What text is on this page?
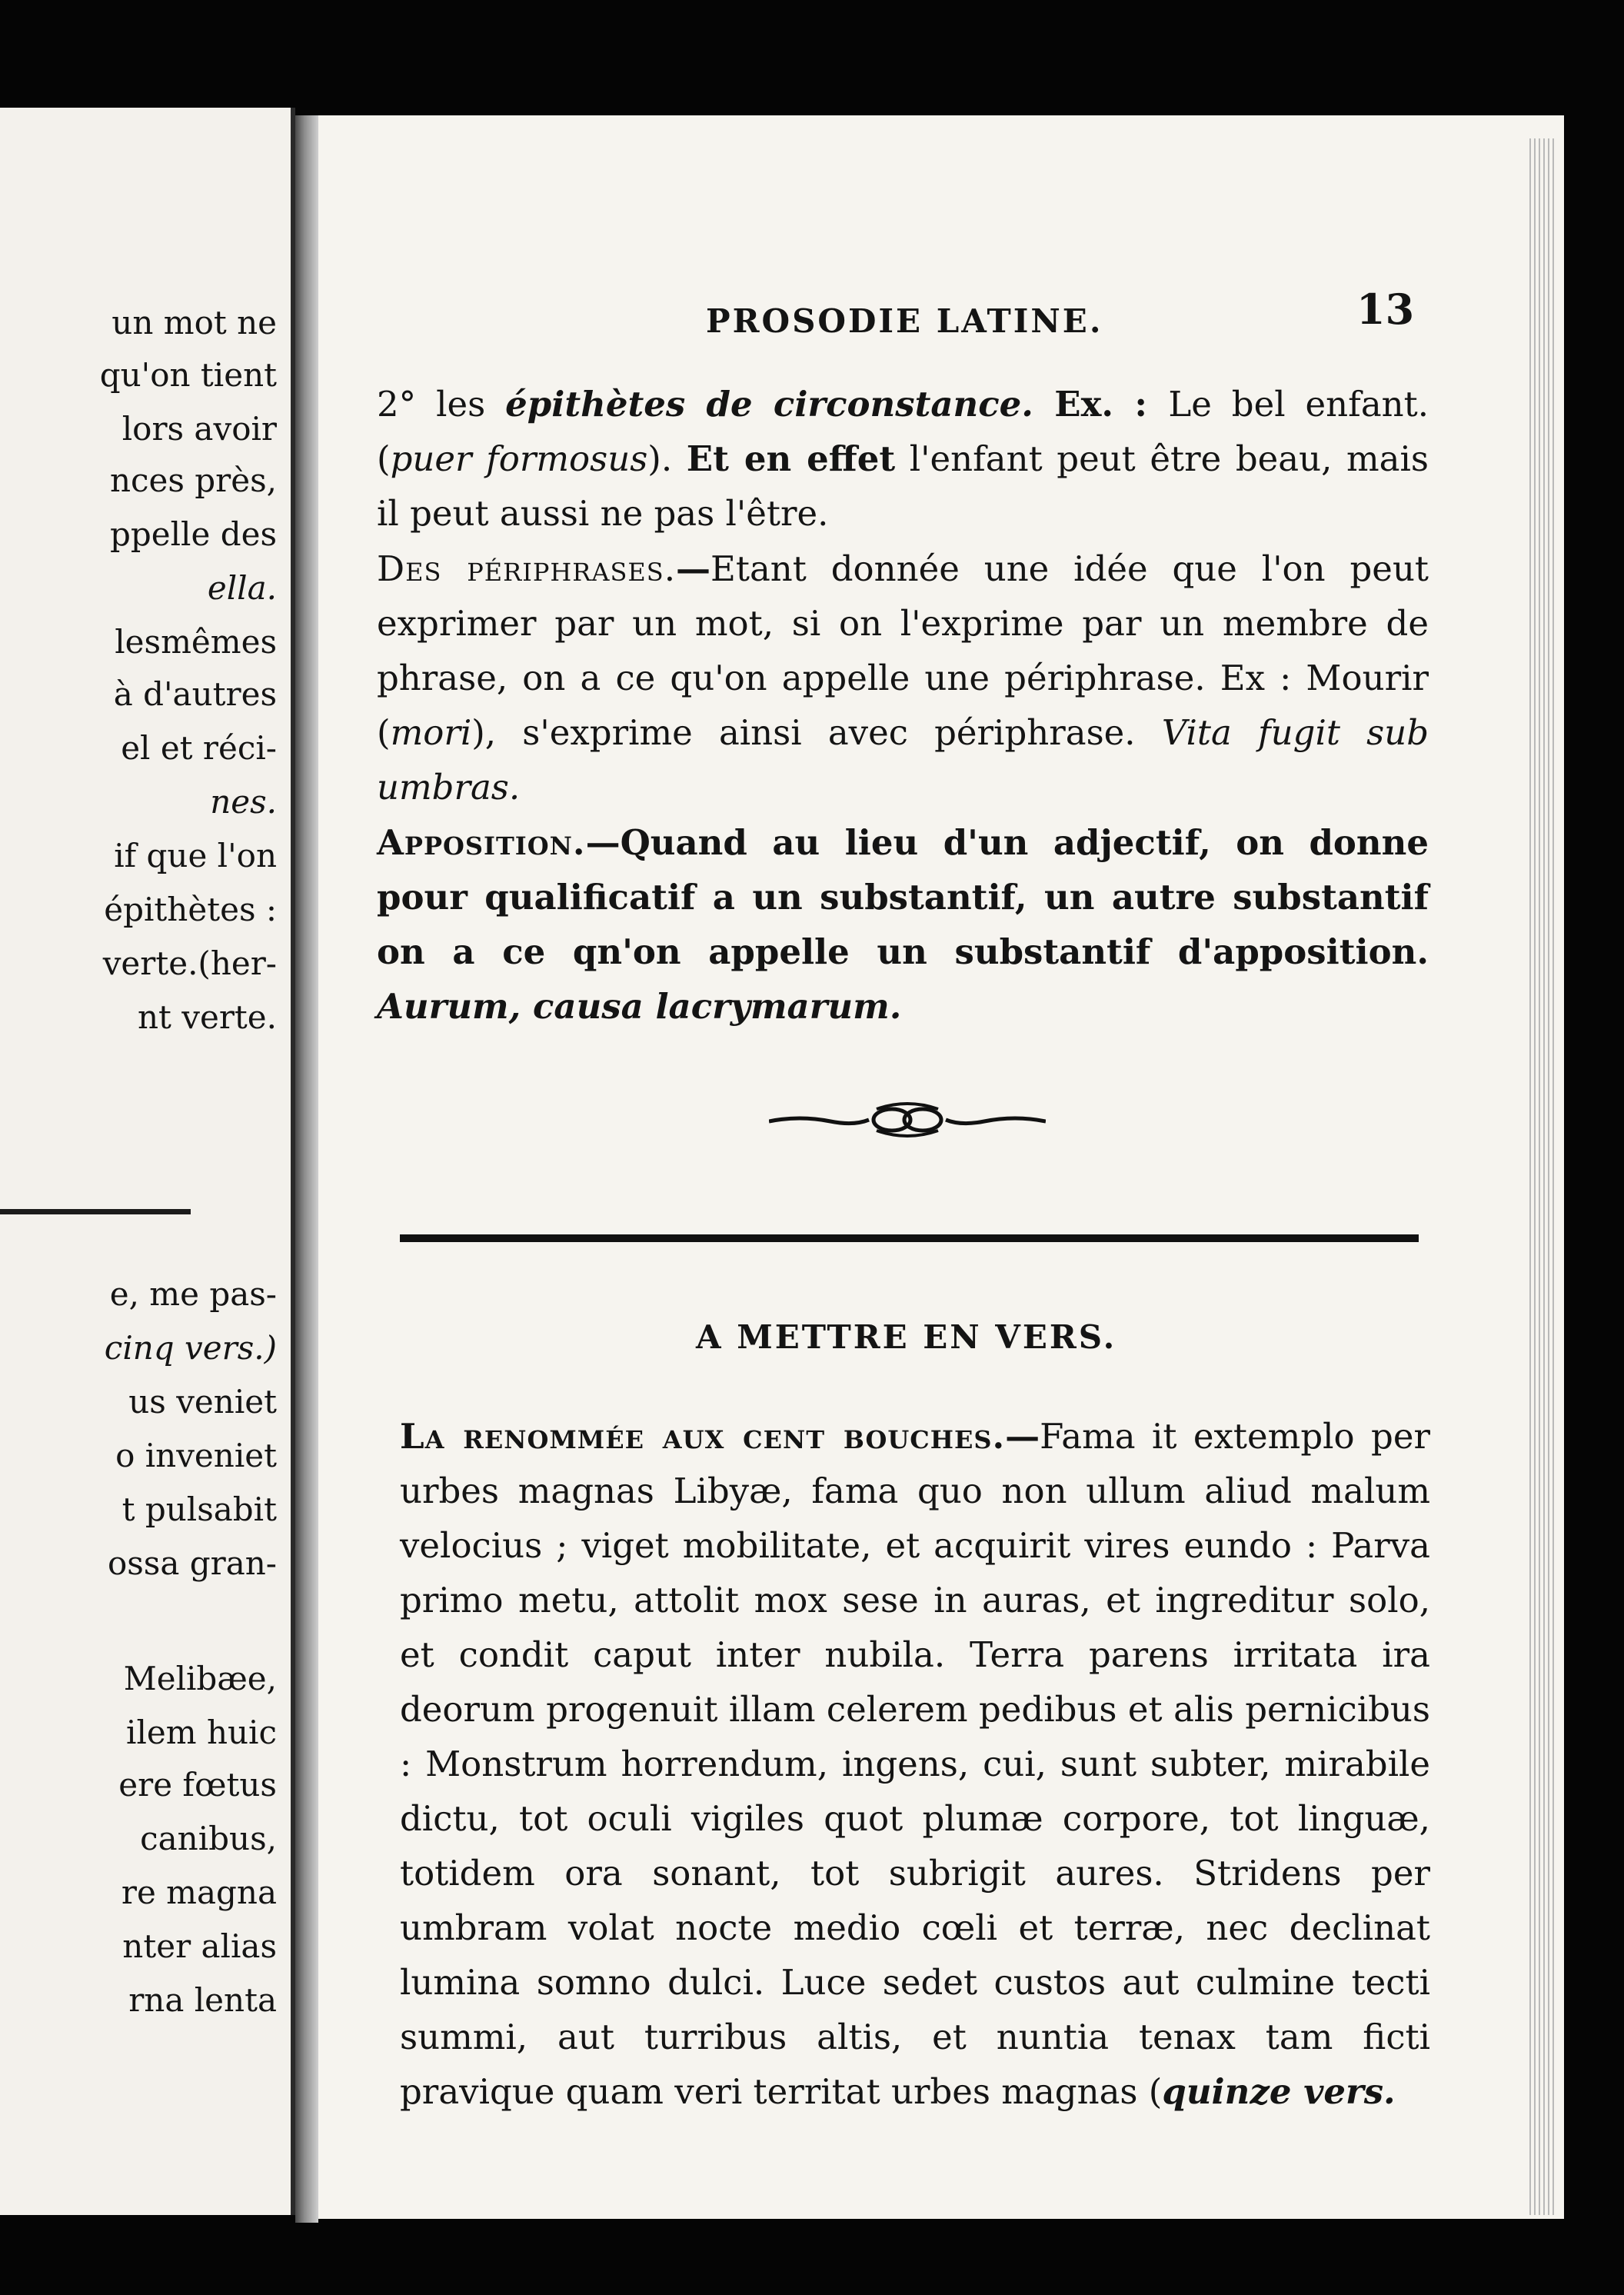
un mot ne
qu'on tient
lors avoir
nces près,
ppelle des
ella.
lesmêmes
à d'autres
el et réci-
nes.
if que l'on
épithètes :
verte.(her-
nt verte.
e, me pas-
cinq vers.)
us veniet
o inveniet
t pulsabit
ossa gran-
Melibæe,
ilem huic
ere fœtus
canibus,
re magna
nter alias
rna lenta
PROSODIE LATINE.	13

2° les épithètes de circonstance. Ex. : Le bel enfant. (puer formosus). Et en effet l'enfant peut être beau, mais il peut aussi ne pas l'être.

Des périphrases.—Etant donnée une idée que l'on peut exprimer par un mot, si on l'exprime par un membre de phrase, on a ce qu'on appelle une périphrase. Ex : Mourir (mori), s'exprime ainsi avec périphrase. Vita fugit sub umbras.

Apposition.—Quand au lieu d'un adjectif, on donne pour qualificatif a un substantif, un autre substantif on a ce qn'on appelle un substantif d'apposition. Aurum, causa lacrymarum.

A METTRE EN VERS.

La renommée aux cent bouches.—Fama it extemplo per urbes magnas Libyæ, fama quo non ullum aliud malum velocius ; viget mobilitate, et acquirit vires eundo : Parva primo metu, attolit mox sese in auras, et ingreditur solo, et condit caput inter nubila. Terra parens irritata ira deorum progenuit illam celerem pedibus et alis pernicibus : Monstrum horrendum, ingens, cui, sunt subter, mirabile dictu, tot oculi vigiles quot plumæ corpore, tot linguæ, totidem ora sonant, tot subrigit aures. Stridens per umbram volat nocte medio cœli et terræ, nec declinat lumina somno dulci. Luce sedet custos aut culmine tecti summi, aut turribus altis, et nuntia tenax tam ficti pravique quam veri territat urbes magnas (quinze vers.
